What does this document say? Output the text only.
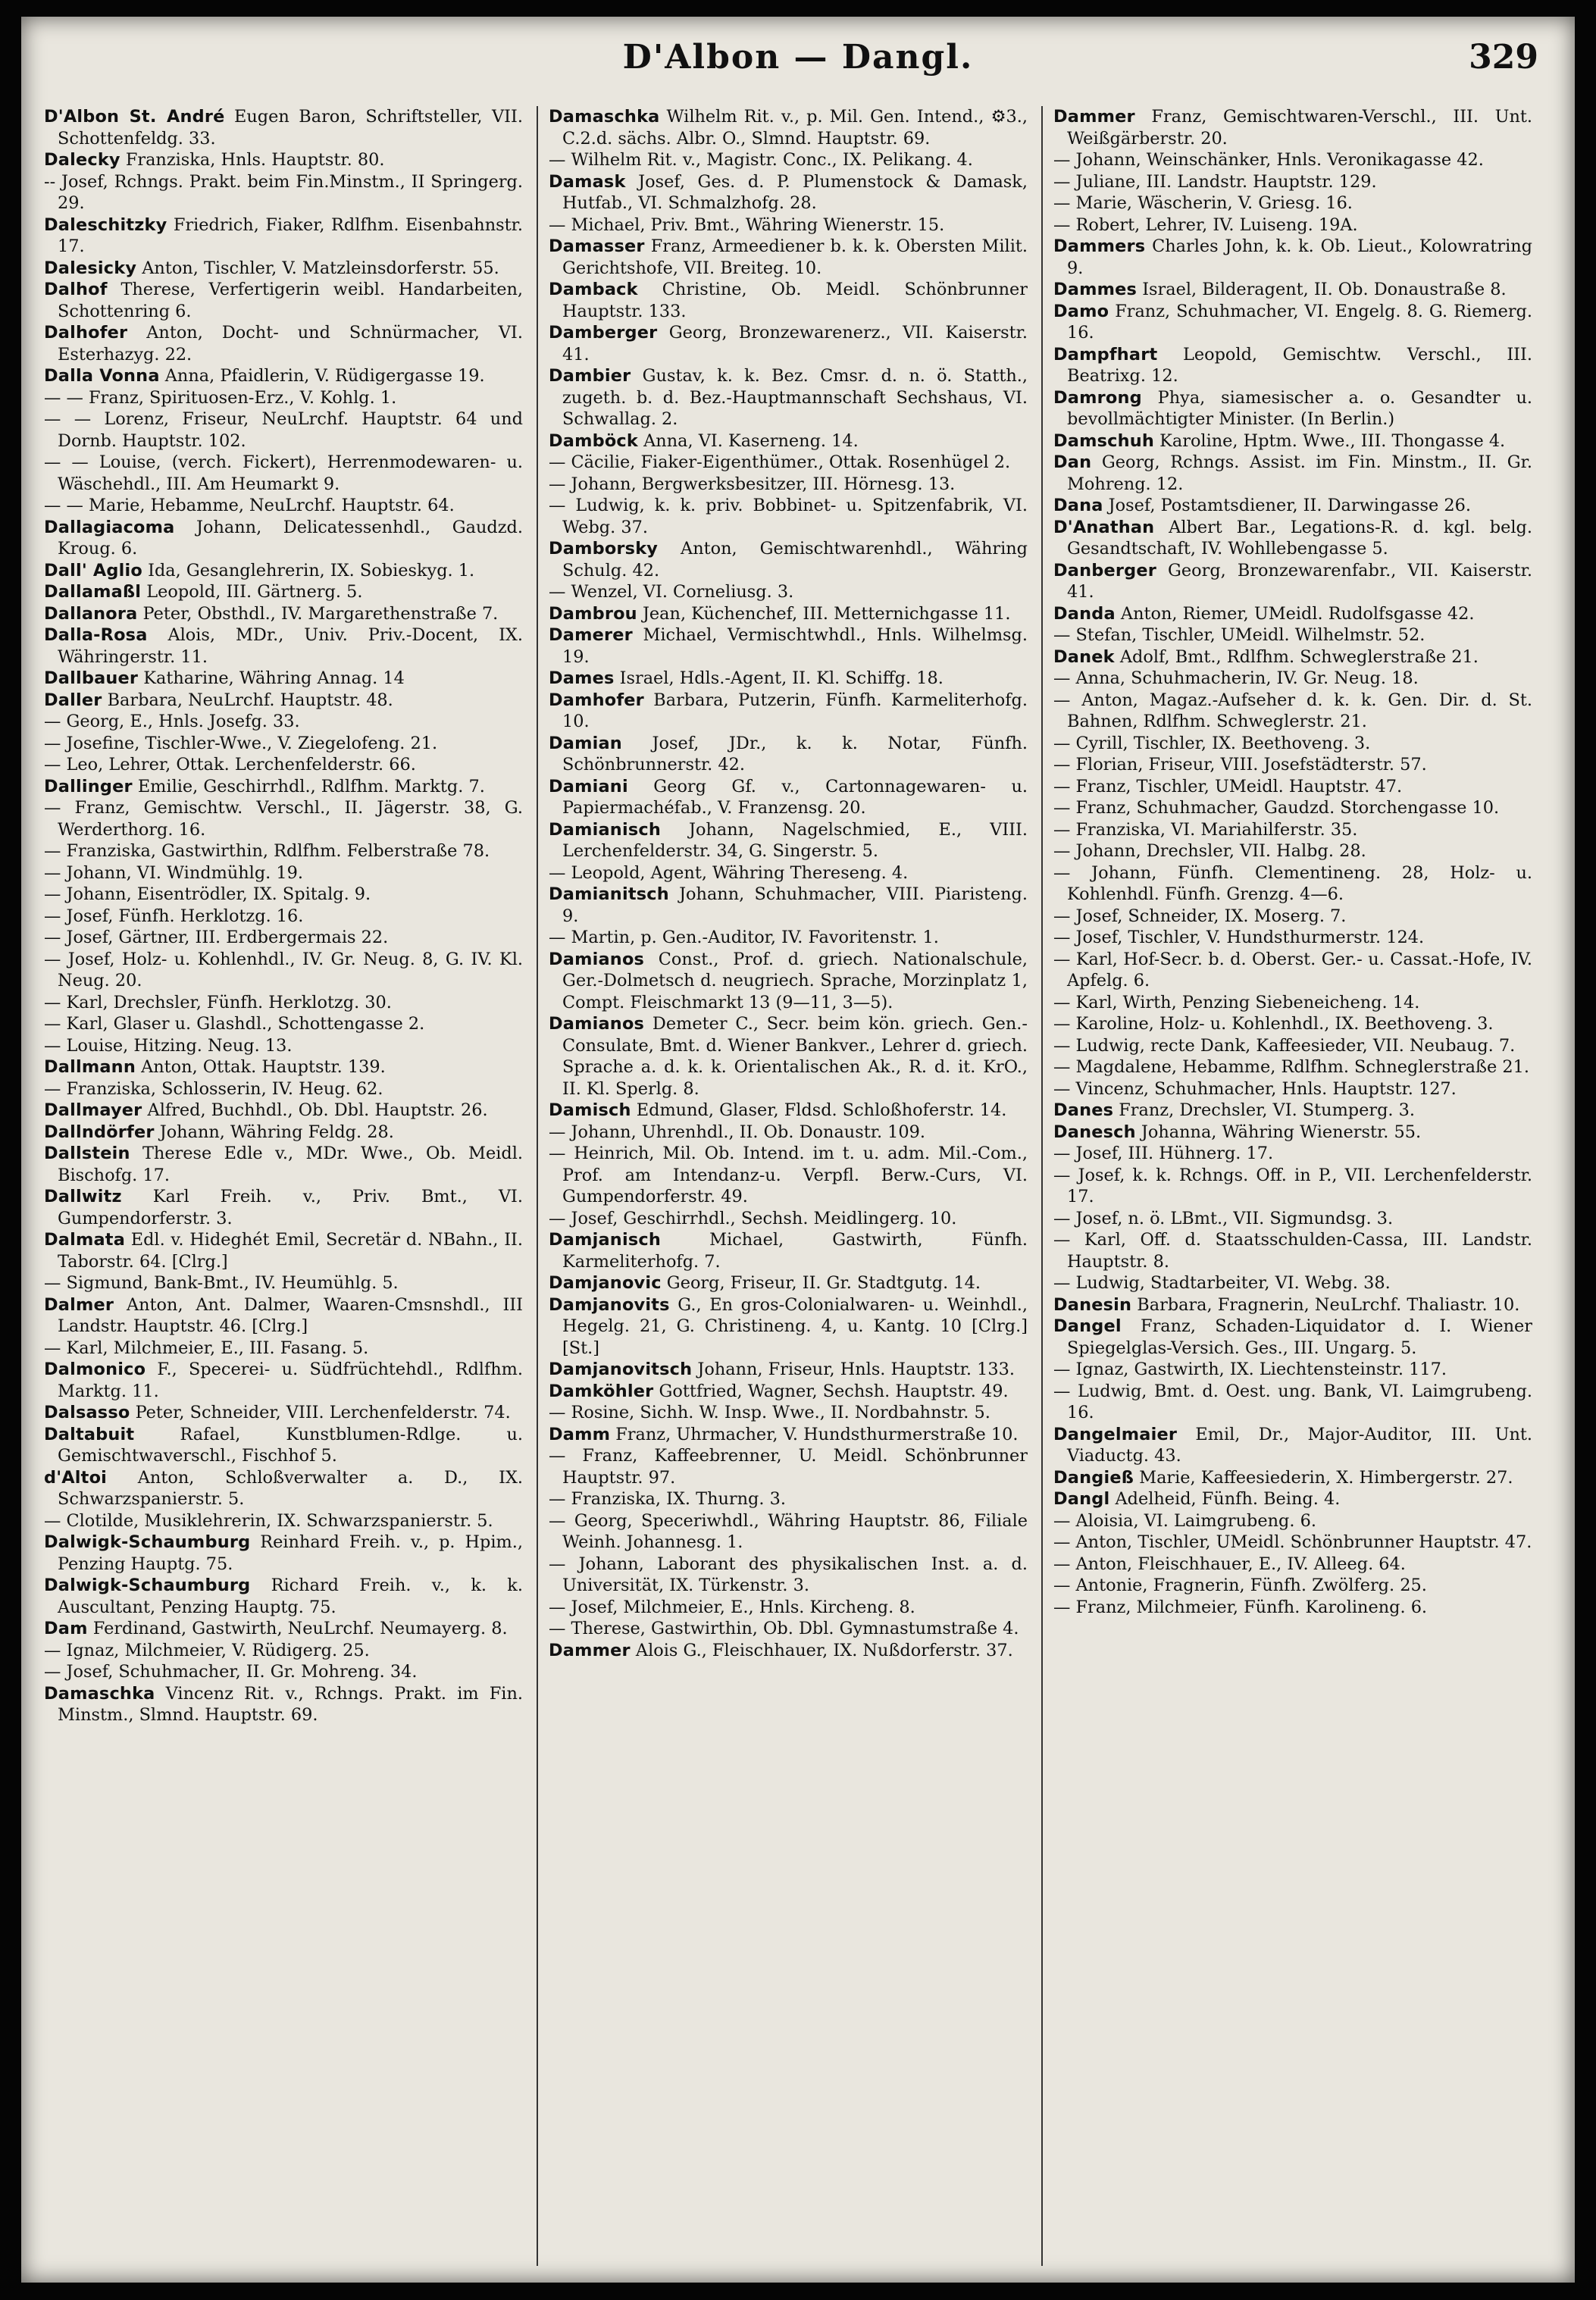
D'Albon — Dangl.	329

D'Albon St. André Eugen Baron, Schriftsteller, VII. Schottenfeldg. 33.

Dalecky Franziska, Hnls. Hauptstr. 80.

-- Josef, Rchngs. Prakt. beim Fin.Minstm., II Springerg. 29.

Daleschitzky Friedrich, Fiaker, Rdlfhm. Eisenbahnstr. 17.

Dalesicky Anton, Tischler, V. Matzleinsdorferstr. 55.

Dalhof Therese, Verfertigerin weibl. Handarbeiten, Schottenring 6.

Dalhofer Anton, Docht- und Schnürmacher, VI. Esterhazyg. 22.

Dalla Vonna Anna, Pfaidlerin, V. Rüdigergasse 19.

— — Franz, Spirituosen-Erz., V. Kohlg. 1.

— — Lorenz, Friseur, NeuLrchf. Hauptstr. 64 und Dornb. Hauptstr. 102.

— — Louise, (verch. Fickert), Herrenmodewaren- u. Wäschehdl., III. Am Heumarkt 9.

— — Marie, Hebamme, NeuLrchf. Hauptstr. 64.

Dallagiacoma Johann, Delicatessenhdl., Gaudzd. Kroug. 6.

Dall' Aglio Ida, Gesanglehrerin, IX. Sobieskyg. 1.

Dallamaßl Leopold, III. Gärtnerg. 5.

Dallanora Peter, Obsthdl., IV. Margarethenstraße 7.

Dalla-Rosa Alois, MDr., Univ. Priv.-Docent, IX. Währingerstr. 11.

Dallbauer Katharine, Währing Annag. 14

Daller Barbara, NeuLrchf. Hauptstr. 48.

— Georg, E., Hnls. Josefg. 33.

— Josefine, Tischler-Wwe., V. Ziegelofeng. 21.

— Leo, Lehrer, Ottak. Lerchenfelderstr. 66.

Dallinger Emilie, Geschirrhdl., Rdlfhm. Marktg. 7.

— Franz, Gemischtw. Verschl., II. Jägerstr. 38, G. Werderthorg. 16.

— Franziska, Gastwirthin, Rdlfhm. Felberstraße 78.

— Johann, VI. Windmühlg. 19.

— Johann, Eisentrödler, IX. Spitalg. 9.

— Josef, Fünfh. Herklotzg. 16.

— Josef, Gärtner, III. Erdbergermais 22.

— Josef, Holz- u. Kohlenhdl., IV. Gr. Neug. 8, G. IV. Kl. Neug. 20.

— Karl, Drechsler, Fünfh. Herklotzg. 30.

— Karl, Glaser u. Glashdl., Schottengasse 2.

— Louise, Hitzing. Neug. 13.

Dallmann Anton, Ottak. Hauptstr. 139.

— Franziska, Schlosserin, IV. Heug. 62.

Dallmayer Alfred, Buchhdl., Ob. Dbl. Hauptstr. 26.

Dallndörfer Johann, Währing Feldg. 28.

Dallstein Therese Edle v., MDr. Wwe., Ob. Meidl. Bischofg. 17.

Dallwitz Karl Freih. v., Priv. Bmt., VI. Gumpendorferstr. 3.

Dalmata Edl. v. Hideghét Emil, Secretär d. NBahn., II. Taborstr. 64. [Clrg.]

— Sigmund, Bank-Bmt., IV. Heumühlg. 5.

Dalmer Anton, Ant. Dalmer, Waaren-Cmsnshdl., III Landstr. Hauptstr. 46. [Clrg.]

— Karl, Milchmeier, E., III. Fasang. 5.

Dalmonico F., Specerei- u. Südfrüchtehdl., Rdlfhm. Marktg. 11.

Dalsasso Peter, Schneider, VIII. Lerchenfelderstr. 74.

Daltabuit Rafael, Kunstblumen-Rdlge. u. Gemischtwaverschl., Fischhof 5.

d'Altoi Anton, Schloßverwalter a. D., IX. Schwarzspanierstr. 5.

— Clotilde, Musiklehrerin, IX. Schwarzspanierstr. 5.

Dalwigk-Schaumburg Reinhard Freih. v., p. Hpim., Penzing Hauptg. 75.

Dalwigk-Schaumburg Richard Freih. v., k. k. Auscultant, Penzing Hauptg. 75.

Dam Ferdinand, Gastwirth, NeuLrchf. Neumayerg. 8.

— Ignaz, Milchmeier, V. Rüdigerg. 25.

— Josef, Schuhmacher, II. Gr. Mohreng. 34.

Damaschka Vincenz Rit. v., Rchngs. Prakt. im Fin. Minstm., Slmnd. Hauptstr. 69.

Damaschka Wilhelm Rit. v., p. Mil. Gen. Intend., ⚙3., C.2.d. sächs. Albr. O., Slmnd. Hauptstr. 69.

— Wilhelm Rit. v., Magistr. Conc., IX. Pelikang. 4.

Damask Josef, Ges. d. P. Plumenstock & Damask, Hutfab., VI. Schmalzhofg. 28.

— Michael, Priv. Bmt., Währing Wienerstr. 15.

Damasser Franz, Armeediener b. k. k. Obersten Milit. Gerichtshofe, VII. Breiteg. 10.

Damback Christine, Ob. Meidl. Schönbrunner Hauptstr. 133.

Damberger Georg, Bronzewarenerz., VII. Kaiserstr. 41.

Dambier Gustav, k. k. Bez. Cmsr. d. n. ö. Statth., zugeth. b. d. Bez.-Hauptmannschaft Sechshaus, VI. Schwallag. 2.

Damböck Anna, VI. Kaserneng. 14.

— Cäcilie, Fiaker-Eigenthümer., Ottak. Rosenhügel 2.

— Johann, Bergwerksbesitzer, III. Hörnesg. 13.

— Ludwig, k. k. priv. Bobbinet- u. Spitzenfabrik, VI. Webg. 37.

Damborsky Anton, Gemischtwarenhdl., Währing Schulg. 42.

— Wenzel, VI. Corneliusg. 3.

Dambrou Jean, Küchenchef, III. Metternichgasse 11.

Damerer Michael, Vermischtwhdl., Hnls. Wilhelmsg. 19.

Dames Israel, Hdls.-Agent, II. Kl. Schiffg. 18.

Damhofer Barbara, Putzerin, Fünfh. Karmeliterhofg. 10.

Damian Josef, JDr., k. k. Notar, Fünfh. Schönbrunnerstr. 42.

Damiani Georg Gf. v., Cartonnagewaren- u. Papiermachéfab., V. Franzensg. 20.

Damianisch Johann, Nagelschmied, E., VIII. Lerchenfelderstr. 34, G. Singerstr. 5.

— Leopold, Agent, Währing Thereseng. 4.

Damianitsch Johann, Schuhmacher, VIII. Piaristeng. 9.

— Martin, p. Gen.-Auditor, IV. Favoritenstr. 1.

Damianos Const., Prof. d. griech. Nationalschule, Ger.-Dolmetsch d. neugriech. Sprache, Morzinplatz 1, Compt. Fleischmarkt 13 (9—11, 3—5).

Damianos Demeter C., Secr. beim kön. griech. Gen.-Consulate, Bmt. d. Wiener Bankver., Lehrer d. griech. Sprache a. d. k. k. Orientalischen Ak., R. d. it. KrO., II. Kl. Sperlg. 8.

Damisch Edmund, Glaser, Fldsd. Schloßhoferstr. 14.

— Johann, Uhrenhdl., II. Ob. Donaustr. 109.

— Heinrich, Mil. Ob. Intend. im t. u. adm. Mil.-Com., Prof. am Intendanz-u. Verpfl. Berw.-Curs, VI. Gumpendorferstr. 49.

— Josef, Geschirrhdl., Sechsh. Meidlingerg. 10.

Damjanisch Michael, Gastwirth, Fünfh. Karmeliterhofg. 7.

Damjanovic Georg, Friseur, II. Gr. Stadtgutg. 14.

Damjanovits G., En gros-Colonialwaren- u. Weinhdl., Hegelg. 21, G. Christineng. 4, u. Kantg. 10 [Clrg.] [St.]

Damjanovitsch Johann, Friseur, Hnls. Hauptstr. 133.

Damköhler Gottfried, Wagner, Sechsh. Hauptstr. 49.

— Rosine, Sichh. W. Insp. Wwe., II. Nordbahnstr. 5.

Damm Franz, Uhrmacher, V. Hundsthurmerstraße 10.

— Franz, Kaffeebrenner, U. Meidl. Schönbrunner Hauptstr. 97.

— Franziska, IX. Thurng. 3.

— Georg, Speceriwhdl., Währing Hauptstr. 86, Filiale Weinh. Johannesg. 1.

— Johann, Laborant des physikalischen Inst. a. d. Universität, IX. Türkenstr. 3.

— Josef, Milchmeier, E., Hnls. Kircheng. 8.

— Therese, Gastwirthin, Ob. Dbl. Gymnastumstraße 4.

Dammer Alois G., Fleischhauer, IX. Nußdorferstr. 37.

Dammer Franz, Gemischtwaren-Verschl., III. Unt. Weißgärberstr. 20.

— Johann, Weinschänker, Hnls. Veronikagasse 42.

— Juliane, III. Landstr. Hauptstr. 129.

— Marie, Wäscherin, V. Griesg. 16.

— Robert, Lehrer, IV. Luiseng. 19A.

Dammers Charles John, k. k. Ob. Lieut., Kolowratring 9.

Dammes Israel, Bilderagent, II. Ob. Donaustraße 8.

Damo Franz, Schuhmacher, VI. Engelg. 8. G. Riemerg. 16.

Dampfhart Leopold, Gemischtw. Verschl., III. Beatrixg. 12.

Damrong Phya, siamesischer a. o. Gesandter u. bevollmächtigter Minister. (In Berlin.)

Damschuh Karoline, Hptm. Wwe., III. Thongasse 4.

Dan Georg, Rchngs. Assist. im Fin. Minstm., II. Gr. Mohreng. 12.

Dana Josef, Postamtsdiener, II. Darwingasse 26.

D'Anathan Albert Bar., Legations-R. d. kgl. belg. Gesandtschaft, IV. Wohllebengasse 5.

Danberger Georg, Bronzewarenfabr., VII. Kaiserstr. 41.

Danda Anton, Riemer, UMeidl. Rudolfsgasse 42.

— Stefan, Tischler, UMeidl. Wilhelmstr. 52.

Danek Adolf, Bmt., Rdlfhm. Schweglerstraße 21.

— Anna, Schuhmacherin, IV. Gr. Neug. 18.

— Anton, Magaz.-Aufseher d. k. k. Gen. Dir. d. St. Bahnen, Rdlfhm. Schweglerstr. 21.

— Cyrill, Tischler, IX. Beethoveng. 3.

— Florian, Friseur, VIII. Josefstädterstr. 57.

— Franz, Tischler, UMeidl. Hauptstr. 47.

— Franz, Schuhmacher, Gaudzd. Storchengasse 10.

— Franziska, VI. Mariahilferstr. 35.

— Johann, Drechsler, VII. Halbg. 28.

— Johann, Fünfh. Clementineng. 28, Holz- u. Kohlenhdl. Fünfh. Grenzg. 4—6.

— Josef, Schneider, IX. Moserg. 7.

— Josef, Tischler, V. Hundsthurmerstr. 124.

— Karl, Hof-Secr. b. d. Oberst. Ger.- u. Cassat.-Hofe, IV. Apfelg. 6.

— Karl, Wirth, Penzing Siebeneicheng. 14.

— Karoline, Holz- u. Kohlenhdl., IX. Beethoveng. 3.

— Ludwig, recte Dank, Kaffeesieder, VII. Neubaug. 7.

— Magdalene, Hebamme, Rdlfhm. Schneglerstraße 21.

— Vincenz, Schuhmacher, Hnls. Hauptstr. 127.

Danes Franz, Drechsler, VI. Stumperg. 3.

Danesch Johanna, Währing Wienerstr. 55.

— Josef, III. Hühnerg. 17.

— Josef, k. k. Rchngs. Off. in P., VII. Lerchenfelderstr. 17.

— Josef, n. ö. LBmt., VII. Sigmundsg. 3.

— Karl, Off. d. Staatsschulden-Cassa, III. Landstr. Hauptstr. 8.

— Ludwig, Stadtarbeiter, VI. Webg. 38.

Danesin Barbara, Fragnerin, NeuLrchf. Thaliastr. 10.

Dangel Franz, Schaden-Liquidator d. I. Wiener Spiegelglas-Versich. Ges., III. Ungarg. 5.

— Ignaz, Gastwirth, IX. Liechtensteinstr. 117.

— Ludwig, Bmt. d. Oest. ung. Bank, VI. Laimgrubeng. 16.

Dangelmaier Emil, Dr., Major-Auditor, III. Unt. Viaductg. 43.

Dangieß Marie, Kaffeesiederin, X. Himbergerstr. 27.

Dangl Adelheid, Fünfh. Being. 4.

— Aloisia, VI. Laimgrubeng. 6.

— Anton, Tischler, UMeidl. Schönbrunner Hauptstr. 47.

— Anton, Fleischhauer, E., IV. Alleeg. 64.

— Antonie, Fragnerin, Fünfh. Zwölferg. 25.

— Franz, Milchmeier, Fünfh. Karolineng. 6.
